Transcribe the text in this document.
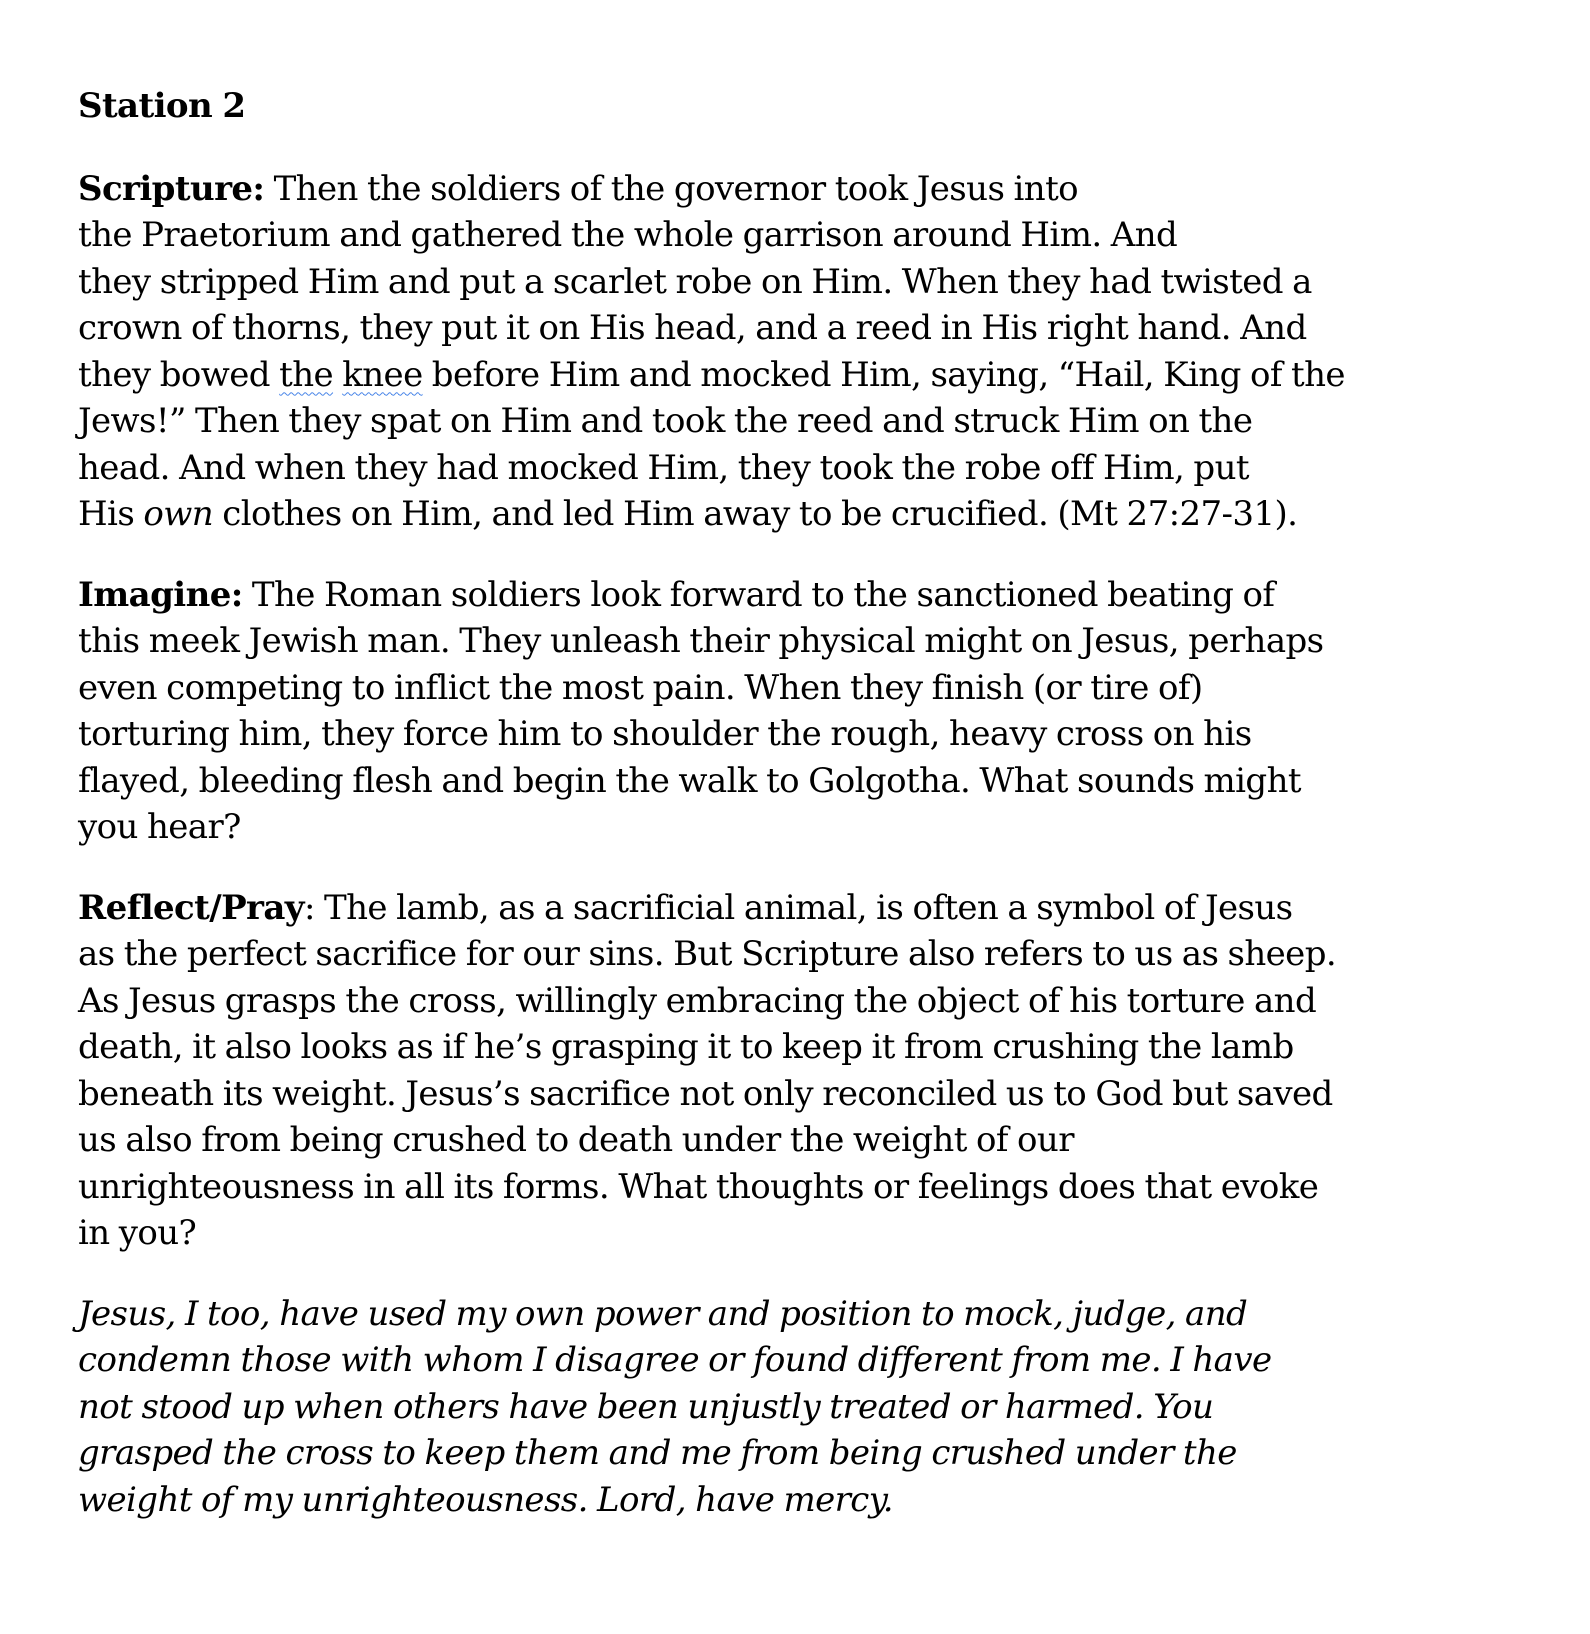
Station 2
Scripture: Then the soldiers of the governor took Jesus into
the Praetorium and gathered the whole garrison around Him. And
they stripped Him and put a scarlet robe on Him. When they had twisted a
crown of thorns, they put it on His head, and a reed in His right hand. And
they bowed the knee before Him and mocked Him, saying, “Hail, King of the
Jews!” Then they spat on Him and took the reed and struck Him on the
head. And when they had mocked Him, they took the robe off Him, put
His own clothes on Him, and led Him away to be crucified. (Mt 27:27-31).
Imagine: The Roman soldiers look forward to the sanctioned beating of
this meek Jewish man. They unleash their physical might on Jesus, perhaps
even competing to inflict the most pain. When they finish (or tire of)
torturing him, they force him to shoulder the rough, heavy cross on his
flayed, bleeding flesh and begin the walk to Golgotha. What sounds might
you hear?
Reflect/Pray: The lamb, as a sacrificial animal, is often a symbol of Jesus
as the perfect sacrifice for our sins. But Scripture also refers to us as sheep.
As Jesus grasps the cross, willingly embracing the object of his torture and
death, it also looks as if he’s grasping it to keep it from crushing the lamb
beneath its weight. Jesus’s sacrifice not only reconciled us to God but saved
us also from being crushed to death under the weight of our
unrighteousness in all its forms. What thoughts or feelings does that evoke
in you?
Jesus, I too, have used my own power and position to mock, judge, and
condemn those with whom I disagree or found different from me. I have
not stood up when others have been unjustly treated or harmed. You
grasped the cross to keep them and me from being crushed under the
weight of my unrighteousness. Lord, have mercy.
